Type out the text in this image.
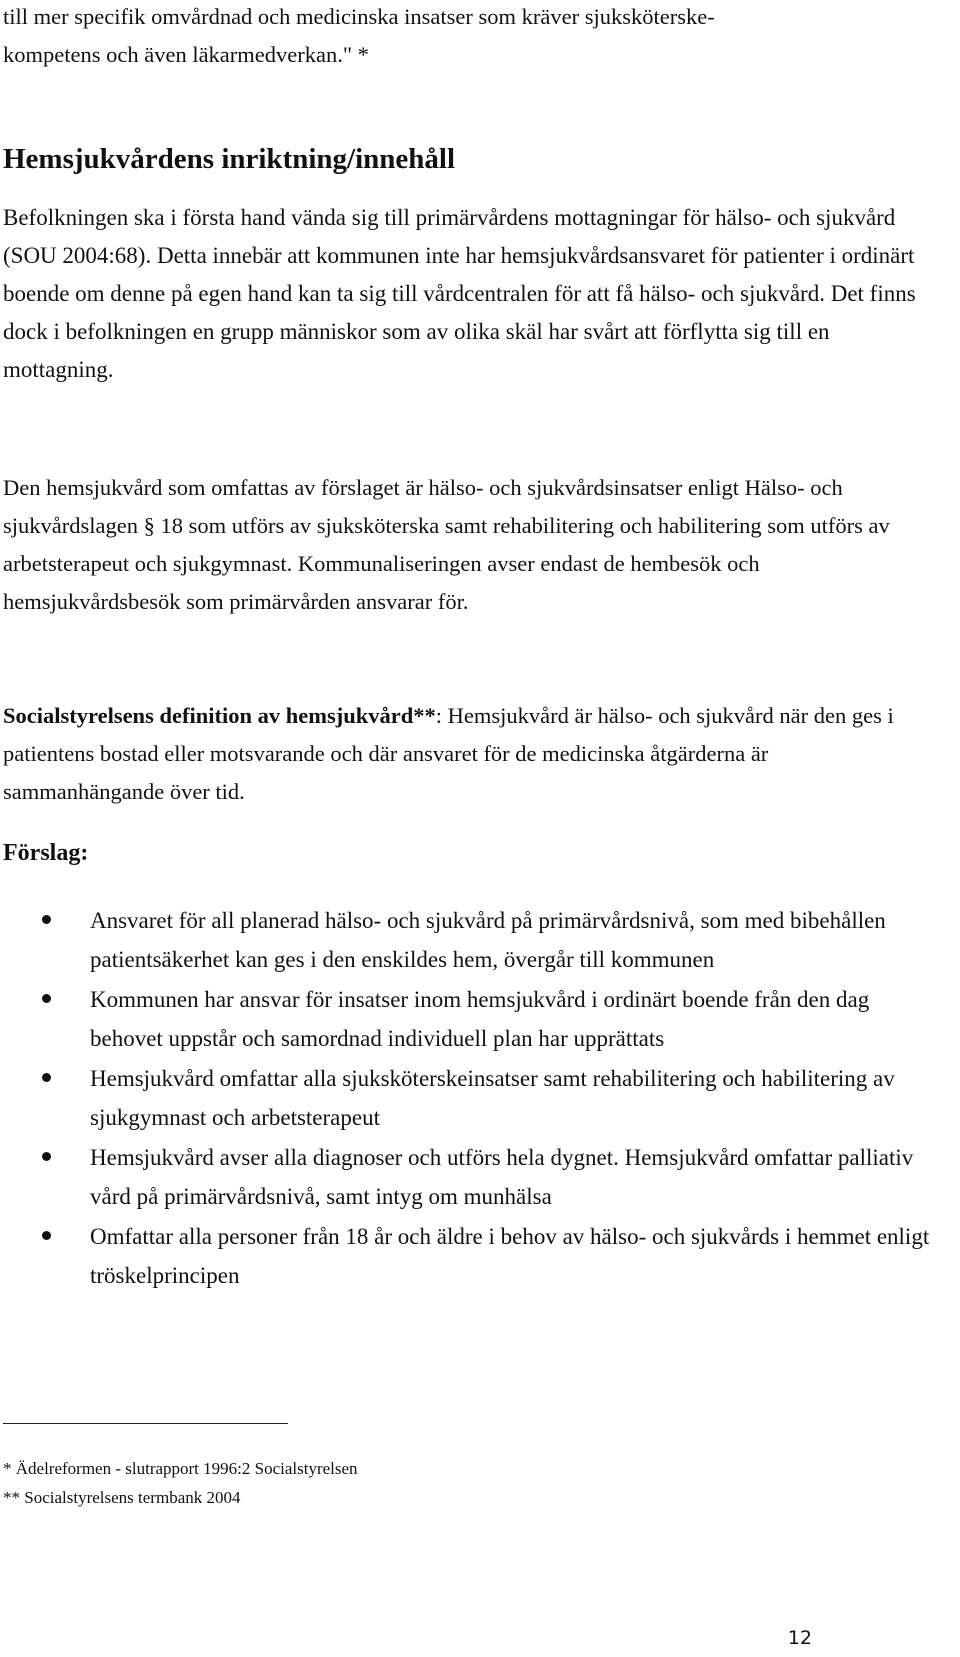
till mer specifik omvårdnad och medicinska insatser som kräver sjuksköterske-
kompetens och även läkarmedverkan." *
Hemsjukvårdens inriktning/innehåll
Befolkningen ska i första hand vända sig till primärvårdens mottagningar för hälso- och sjukvård (SOU 2004:68). Detta innebär att kommunen inte har hemsjukvårdsansvaret för patienter i ordinärt boende om denne på egen hand kan ta sig till vårdcentralen för att få hälso- och sjukvård. Det finns dock i befolkningen en grupp människor som av olika skäl har svårt att förflytta sig till en mottagning.
Den hemsjukvård som omfattas av förslaget är hälso- och sjukvårdsinsatser enligt Hälso- och sjukvårdslagen § 18 som utförs av sjuksköterska samt rehabilitering och habilitering som utförs av arbetsterapeut och sjukgymnast. Kommunaliseringen avser endast de hembesök och hemsjukvårdsbesök som primärvården ansvarar för.
Socialstyrelsens definition av hemsjukvård**: Hemsjukvård är hälso- och sjukvård när den ges i patientens bostad eller motsvarande och där ansvaret för de medicinska åtgärderna är sammanhängande över tid.
Förslag:
Ansvaret för all planerad hälso- och sjukvård på primärvårdsnivå, som med bibehållen patientsäkerhet kan ges i den enskildes hem, övergår till kommunen
Kommunen har ansvar för insatser inom hemsjukvård i ordinärt boende från den dag behovet uppstår och samordnad individuell plan har upprättats
Hemsjukvård omfattar alla sjuksköterskeinsatser samt rehabilitering och habilitering av sjukgymnast och arbetsterapeut
Hemsjukvård avser alla diagnoser och utförs hela dygnet. Hemsjukvård omfattar palliativ vård på primärvårdsnivå, samt intyg om munhälsa
Omfattar alla personer från 18 år och äldre i behov av hälso- och sjukvårds i hemmet enligt tröskelprincipen
* Ädelreformen - slutrapport 1996:2 Socialstyrelsen
** Socialstyrelsens termbank 2004
12
